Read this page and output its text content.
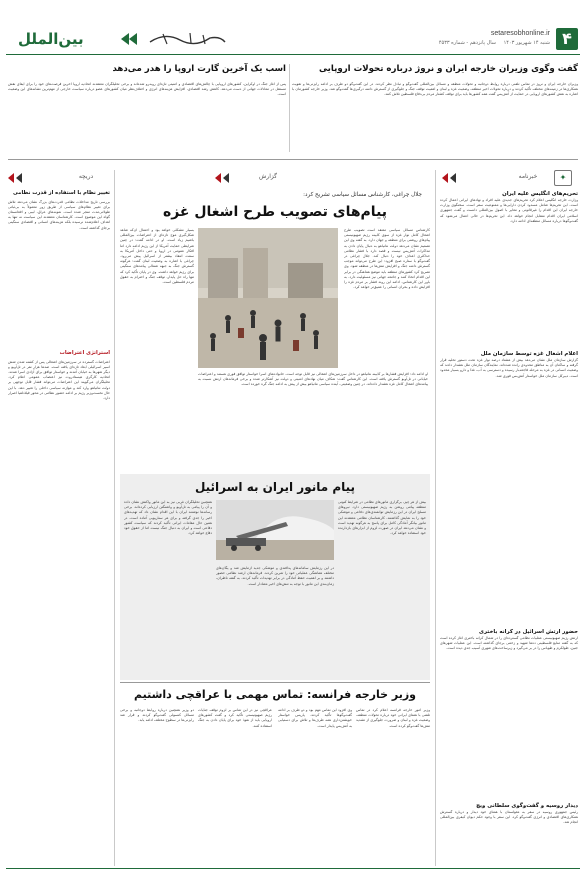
۴
setaresobhonline.ir
شنبه ۱۴ شهریور ۱۴۰۳
سال پانزدهم - شماره ۴۵۳۳
بین‌الملل
گفت وگوی وزیران خارجه ایران و نروژ درباره تحولات اروپایی
وزیران خارجه ایران و نروژ در تماس تلفنی درباره روابط دوجانبه و تحولات منطقه و مسائل بین‌المللی گفت‌وگو و تبادل نظر کردند. در این گفت‌وگو دو طرف بر ادامه رایزنی‌ها و تقویت همکاری‌ها در زمینه‌های مختلف تأکید کردند و درباره تحولات اخیر منطقه، وضعیت غزه و لبنان و اهمیت توقف جنگ و جلوگیری از گسترش دامنه درگیری‌ها گفت‌وگو شد. وزیر خارجه کشورمان با اشاره به نقش کشورهای اروپایی در حمایت از آتش‌بس گفت همه کشورها باید برای توقف کشتار مردم بی‌دفاع فلسطین تلاش کنند.
اسب یک آخرین گارت اروپا را هدر می‌دهد
پس از آغاز جنگ در اوکراین، کشورهای اروپایی با چالش‌های اقتصادی و امنیتی تازه‌ای روبه‌رو شده‌اند و برخی تحلیلگران معتقدند اتحادیه اروپا آخرین فرصت‌های خود را برای ایفای نقش مستقل در معادلات جهانی از دست می‌دهد. کاهش رشد اقتصادی، افزایش هزینه‌های انرژی و اختلاف‌نظر میان کشورهای عضو درباره سیاست خارجی از مهم‌ترین نشانه‌های این وضعیت است.
خبرنامه	✦
تحریم‌های انگلیس علیه ایران
وزارت خارجه انگلیس اعلام کرد تحریم‌های جدیدی علیه افراد و نهادهای ایرانی اعمال کرده است. این تحریم‌ها شامل مسدود کردن دارایی‌ها و ممنوعیت سفر است. سخنگوی وزارت خارجه ایران این اقدام را غیرقانونی و مغایر با اصول بین‌المللی دانست و گفت جمهوری اسلامی ایران اقدام متقابل انجام خواهد داد. این تحریم‌ها در حالی اعمال می‌شود که گفت‌وگوها درباره مسائل منطقه‌ای ادامه دارد.
اعلام اشغال غزه توسط سازمان ملل
گزارش سازمان ملل نشان می‌دهد بیش از هشتاد درصد نوار غزه تحت دستور تخلیه قرار گرفته و ساکنان آن به مناطق محدودی رانده شده‌اند. نمایندگان سازمان ملل هشدار دادند که وضعیت انسانی در غزه به مرحله فاجعه‌بار رسیده و دسترسی به آب، غذا و دارو بسیار محدود است. دبیرکل سازمان ملل خواستار آتش‌بس فوری شد.
حضور ارتش اسرائیل در کرانه باختری
ارتش رژیم صهیونیستی عملیات نظامی گسترده‌ای را در شمال کرانه باختری آغاز کرده است که به گفته منابع فلسطینی ده‌ها شهید و زخمی برجای گذاشته است. این عملیات شهرهای جنین، طولکرم و طوباس را در بر می‌گیرد و زیرساخت‌های شهری آسیب جدی دیده است.
دیدار روسیه و گفت‌وگوی سلطانی ویچ
رئیس جمهوری روسیه در سفر به مغولستان با همتای خود دیدار و درباره گسترش همکاری‌های اقتصادی و انرژی گفت‌وگو کرد. این سفر با وجود حکم دیوان کیفری بین‌المللی انجام شد.
دریچه
تغییر نظام با استفاده از قدرت نظامی
بررسی تاریخ مداخلات نظامی قدرت‌های بزرگ نشان می‌دهد تلاش برای تغییر نظام‌های سیاسی از طریق زور معمولاً به بی‌ثباتی طولانی‌مدت منجر شده است. نمونه‌های عراق، لیبی و افغانستان گواه این موضوع است. کارشناسان معتقدند این سیاست نه تنها به اهداف اعلام‌شده نرسیده بلکه هزینه‌های انسانی و اقتصادی سنگینی برجای گذاشته است.
استراتژی اعتراضات
اعتراضات گسترده در سرزمین‌های اشغالی پس از کشته شدن شش اسیر اسرائیلی ابعاد تازه‌ای یافته است. صدها هزار نفر در تل‌آویو و دیگر شهرها به خیابان آمدند و خواستار توافق برای آزادی اسرا شدند. اتحادیه کارگری هیستادروت نیز اعتصاب عمومی اعلام کرد. تحلیلگران می‌گویند این اعتراضات می‌تواند فشار قابل توجهی بر دولت نتانیاهو وارد کند و موازنه سیاسی داخلی را تغییر دهد. با این حال نخست‌وزیر رژیم بر ادامه حضور نظامی در محور فیلادلفیا اصرار دارد.
گزارش
جلال چراغی، کارشناس مسائل سیاسی تشریح کرد:
پیام‌های تصویب طرح اشغال غزه
کارشناس مسائل سیاسی معتقد است تصویب طرح اشغال کامل نوار غزه از سوی کابینه رژیم صهیونیستی پیام‌های روشنی برای منطقه و جهان دارد. به گفته وی این تصمیم نشان می‌دهد دولت نتانیاهو به دنبال پایان دادن به مذاکرات آتش‌بس نیست و قصد دارد با فشار نظامی حداکثری اهداف خود را دنبال کند. جلال چراغی در گفت‌وگو با ستاره صبح افزود: این طرح می‌تواند موجب گسترش دامنه جنگ و افزایش تنش‌ها در منطقه شود. وی تصریح کرد کشورهای منطقه باید موضع هماهنگی در برابر این اقدام اتخاذ کنند و جامعه جهانی نیز مسئولیت دارد. به باور این کارشناس، ادامه این روند فشار بر مردم غزه را افزایش داده و بحران انسانی را عمیق‌تر خواهد کرد.
بسیار مشکلی خواهد بود و احتمال آن‌که شاهد شکل‌گیری موج تازه‌ای از اعتراضات بین‌المللی باشیم زیاد است. او در ادامه گفت: در چنین شرایطی حمایت آمریکا از این رژیم ادامه دارد اما افکار عمومی در اروپا و حتی داخل آمریکا به سمت انتقاد بیشتر از اسرائیل پیش می‌رود. چراغی با اشاره به وضعیت لبنان گفت: هرگونه گسترش جنگ به جبهه شمالی پیامدهای سنگینی برای رژیم خواهد داشت. وی در پایان تأکید کرد که تنها راه حل پایدار، توقف جنگ و احترام به حقوق مردم فلسطین است.
او ادامه داد: افزایش فشارها بر کابینه نتانیاهو در داخل سرزمین‌های اشغالی نیز قابل توجه است. خانواده‌های اسرا خواستار توافق فوری هستند و اعتراضات خیابانی در تل‌آویو گسترش یافته است. این کارشناس گفت: شکاف میان نهادهای امنیتی و دولت نیز آشکارتر شده و برخی فرماندهان ارتش نسبت به پیامدهای اشغال کامل غزه هشدار داده‌اند. در چنین وضعیتی، آینده سیاسی نتانیاهو بیش از پیش به ادامه جنگ گره خورده است.
پیام مانور ایران به اسرائیل
بیش از هر چیز، برگزاری مانورهای نظامی در شرایط کنونی منطقه پیامی روشن به رژیم صهیونیستی دارد. نیروهای مسلح ایران در این رزمایش توانمندی‌های دفاعی و موشکی خود را به نمایش گذاشتند. کارشناسان نظامی معتقدند این مانور بیانگر آمادگی کامل برای پاسخ به هرگونه تهدید است و نشان می‌دهد ایران در صورت لزوم از ابزارهای بازدارنده خود استفاده خواهد کرد.
در این رزمایش سامانه‌های پدافندی و موشکی جدید آزمایش شد و یگان‌های مختلف هماهنگی عملیاتی خود را تمرین کردند. فرماندهان ارشد نظامی حضور داشتند و بر اهمیت حفظ آمادگی در برابر تهدیدات تأکید کردند. به گفته ناظران، زمان‌بندی این مانور با توجه به تنش‌های اخیر معنادار است.
همچنین تحلیلگران غربی نیز به این مانور واکنش نشان داده و آن را پیامی به تل‌آویو و واشنگتن ارزیابی کرده‌اند. برخی رسانه‌ها نوشتند ایران با این اقدام نشان داد که تهدیدهای اخیر را جدی گرفته و برای هر سناریویی آماده است. در همین حال مقامات ایرانی تأکید کردند که سیاست کشور دفاعی است و ایران به دنبال جنگ نیست اما از حقوق خود دفاع خواهد کرد.
وزیر خارجه فرانسه: تماس مهمی با عراقچی داشتیم
وزیر امور خارجه فرانسه اعلام کرد در تماس تلفنی با همتای ایرانی خود درباره تحولات منطقه، وضعیت غزه و لبنان و ضرورت جلوگیری از تشدید تنش‌ها گفت‌وگو کرده است.
وی افزود این تماس مهم بود و دو طرف بر ادامه گفت‌وگوها تأکید کردند. پاریس خواستار خویشتن‌داری همه طرف‌ها و تلاش برای دستیابی به آتش‌بس پایدار است.
عراقچی نیز در این تماس بر لزوم توقف جنایات رژیم صهیونیستی تأکید کرد و گفت کشورهای اروپایی باید از نفوذ خود برای پایان دادن به جنگ استفاده کنند.
دو وزیر همچنین درباره روابط دوجانبه و برخی مسائل کنسولی گفت‌وگو کردند و قرار شد رایزنی‌ها در سطوح مختلف ادامه یابد.
